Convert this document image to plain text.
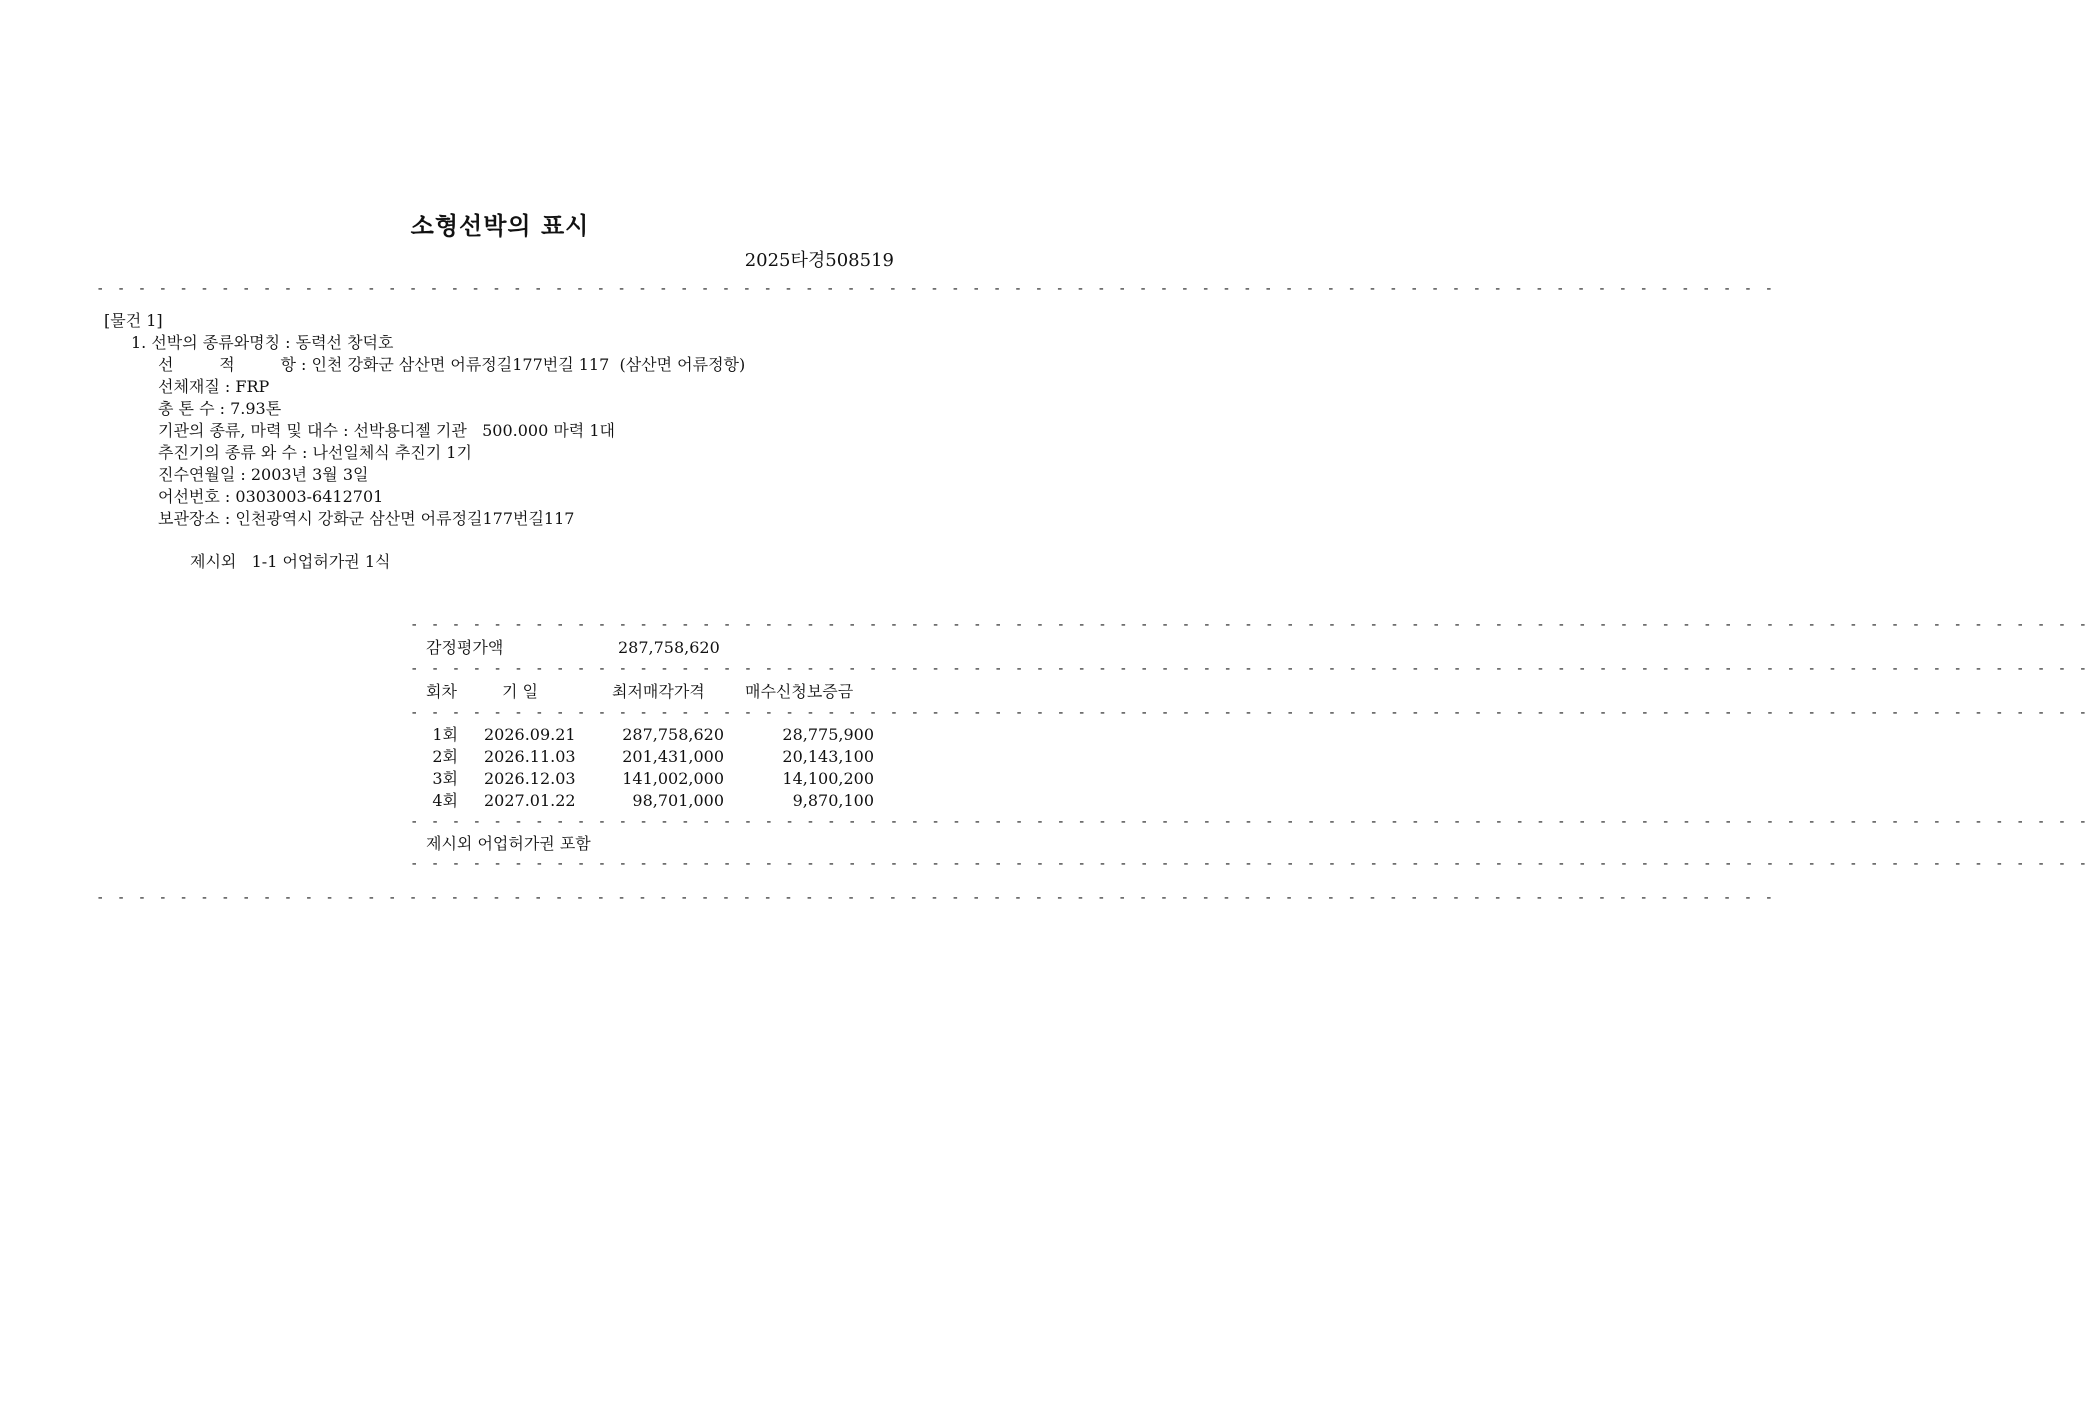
소형선박의 표시
2025타경508519
- - - - - - - - - - - - - - - - - - - - - - - - - - - - - - - - - - - - - - - - - - - - - - - - - - - - - - - - - - - - - - - - - - - - - - - - - - - - - - - - -
[물건 1]
1. 선박의 종류와명칭 : 동력선 창덕호
선         적         항 : 인천 강화군 삼산면 어류정길177번길 117  (삼산면 어류정항)
선체재질 : FRP
총 톤 수 : 7.93톤
기관의 종류, 마력 및 대수 : 선박용디젤 기관   500.000 마력 1대
추진기의 종류 와 수 : 나선일체식 추진기 1기
진수연월일 : 2003년 3월 3일
어선번호 : 0303003-6412701
보관장소 : 인천광역시 강화군 삼산면 어류정길177번길117
제시외   1-1 어업허가권 1식
- - - - - - - - - - - - - - - - - - - - - - - - - - - - - - - - - - - - - - - - - - - - - - - - - - - - - - - - - - - - - - - - - - - - - - - - - - - - - - - - -
감정평가액	287,758,620
- - - - - - - - - - - - - - - - - - - - - - - - - - - - - - - - - - - - - - - - - - - - - - - - - - - - - - - - - - - - - - - - - - - - - - - - - - - - - - - - -
회차	기 일	최저매각가격	매수신청보증금
- - - - - - - - - - - - - - - - - - - - - - - - - - - - - - - - - - - - - - - - - - - - - - - - - - - - - - - - - - - - - - - - - - - - - - - - - - - - - - - - -
1회 2026.09.21	287,758,620	28,775,900
2회 2026.11.03	201,431,000	20,143,100
3회 2026.12.03	141,002,000	14,100,200
4회 2027.01.22	98,701,000	9,870,100
- - - - - - - - - - - - - - - - - - - - - - - - - - - - - - - - - - - - - - - - - - - - - - - - - - - - - - - - - - - - - - - - - - - - - - - - - - - - - - - - -
제시외 어업허가권 포함
- - - - - - - - - - - - - - - - - - - - - - - - - - - - - - - - - - - - - - - - - - - - - - - - - - - - - - - - - - - - - - - - - - - - - - - - - - - - - - - - -
- - - - - - - - - - - - - - - - - - - - - - - - - - - - - - - - - - - - - - - - - - - - - - - - - - - - - - - - - - - - - - - - - - - - - - - - - - - - - - - - -
